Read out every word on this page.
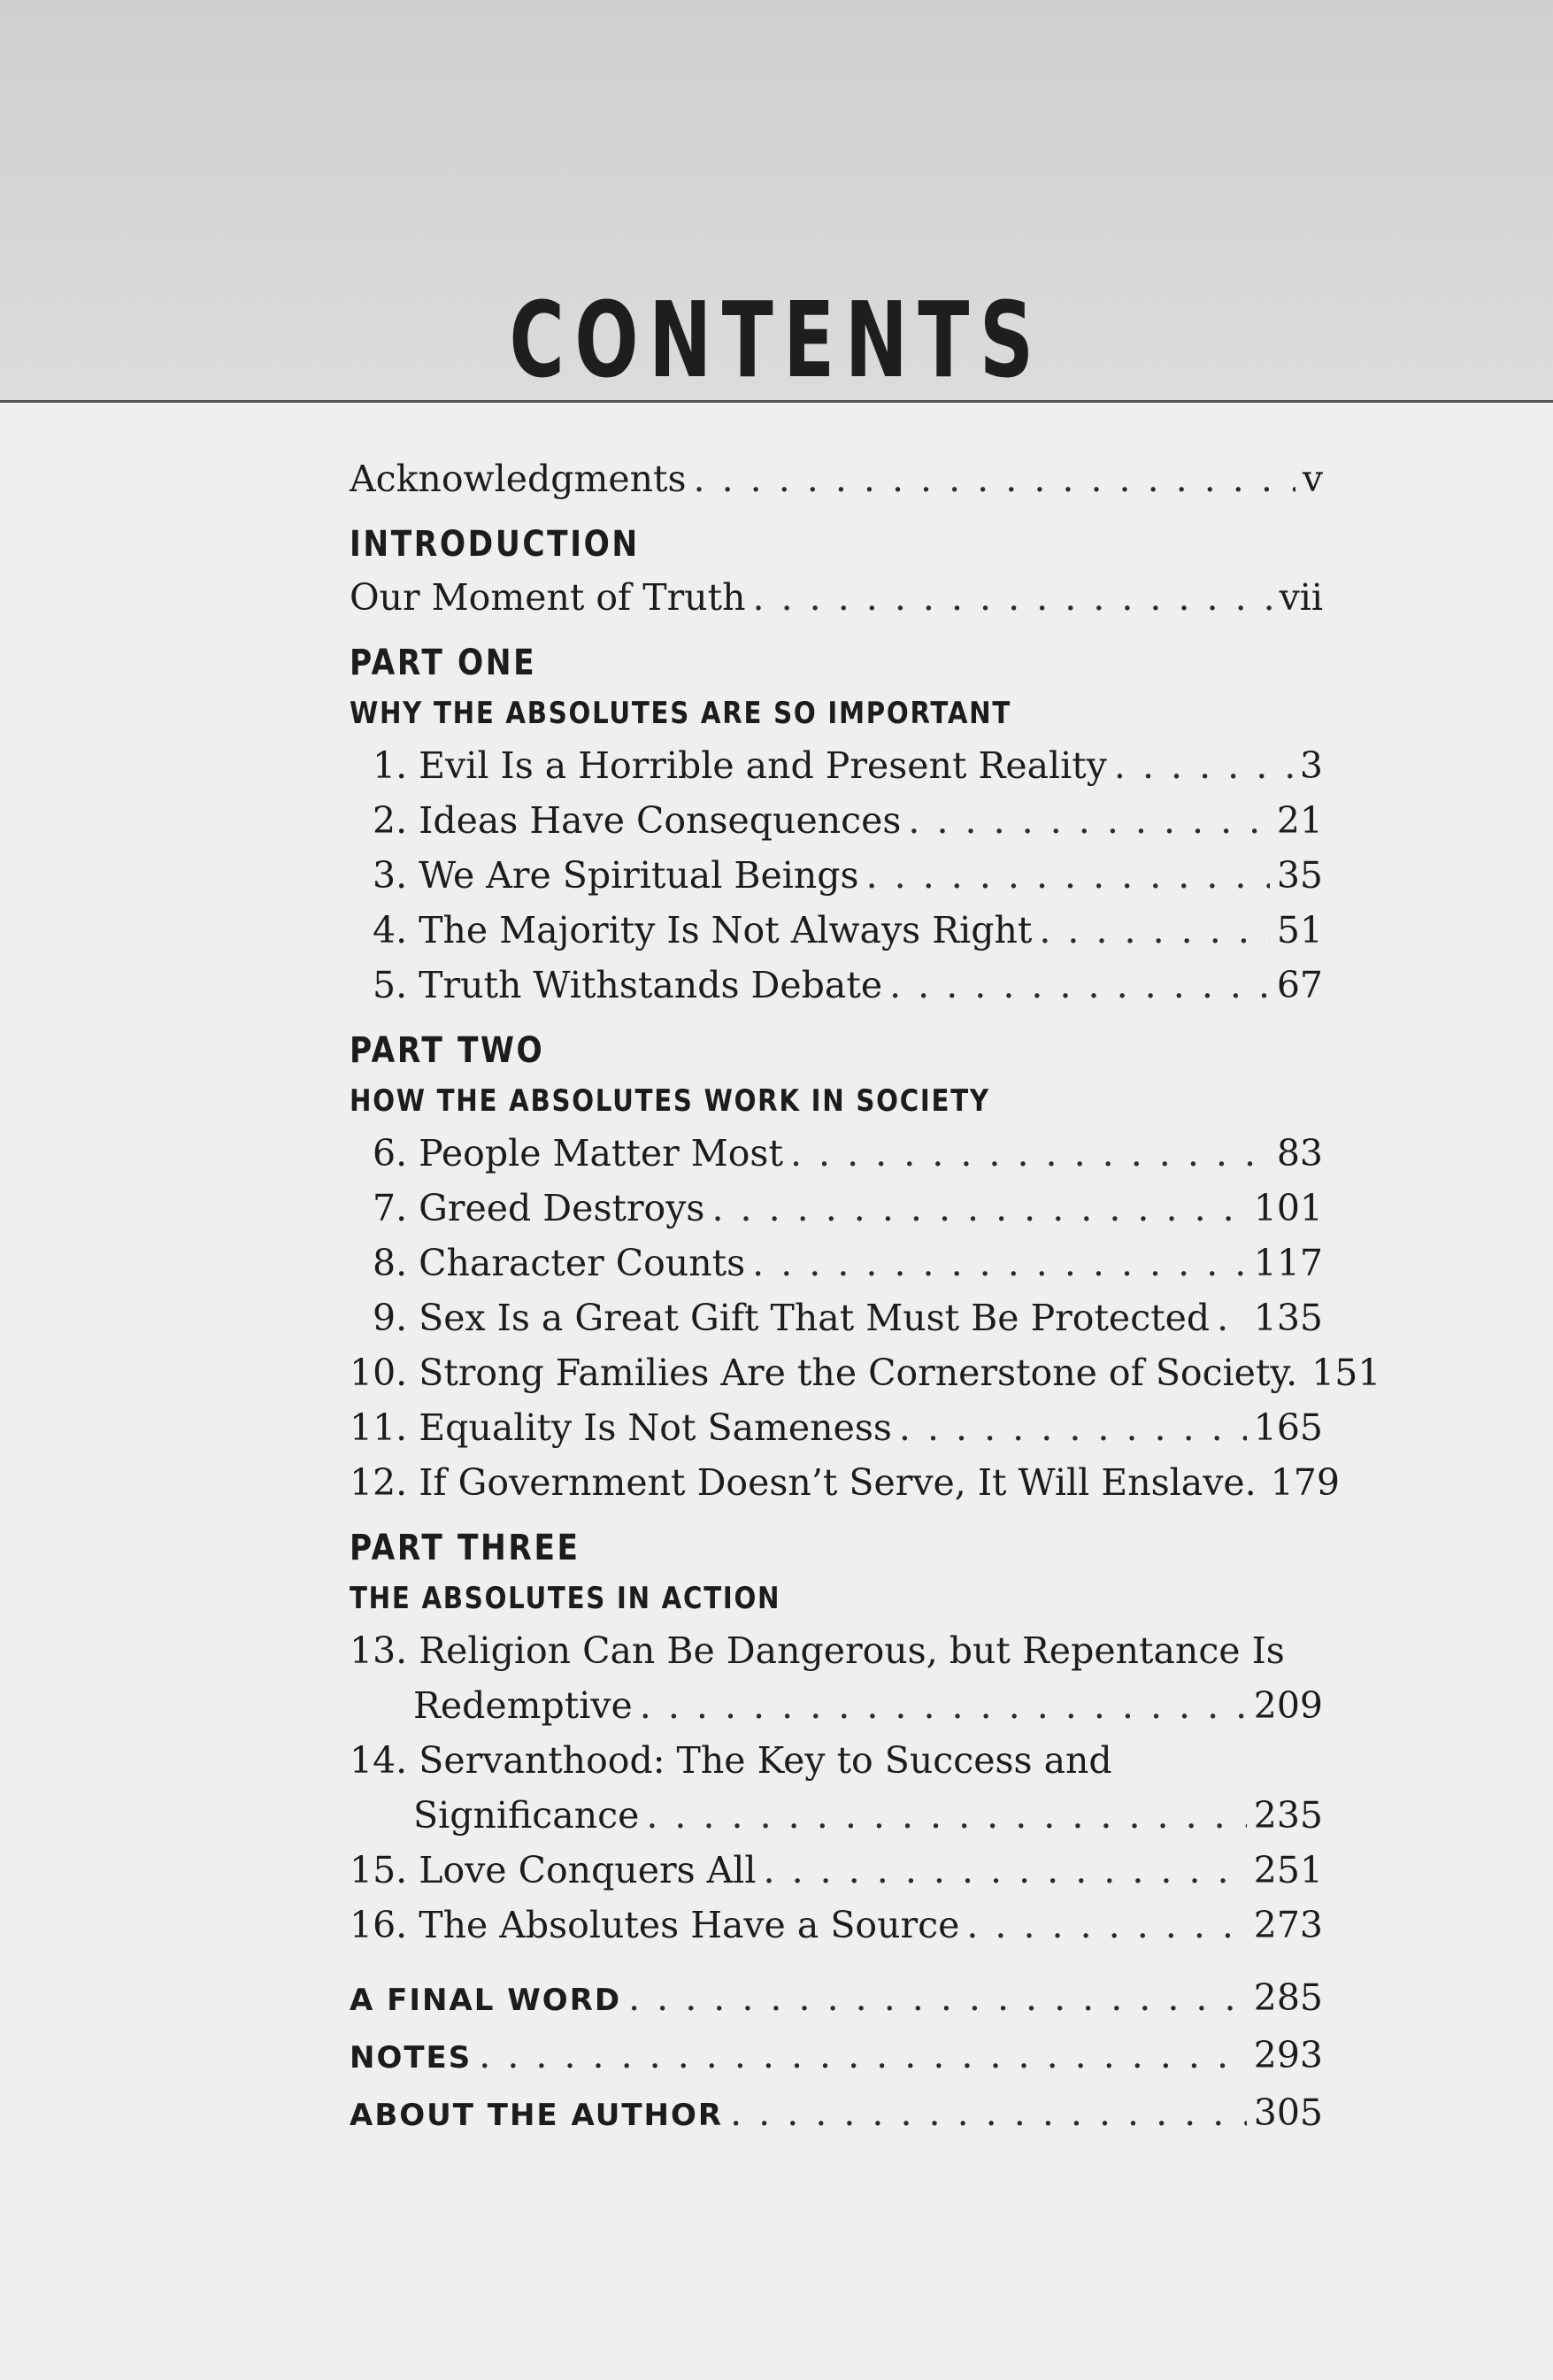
CONTENTS
Acknowledgments . . .	v
INTRODUCTION
Our Moment of Truth . . .	vii
PART ONE
WHY THE ABSOLUTES ARE SO IMPORTANT
1. Evil Is a Horrible and Present Reality . . .	3
2. Ideas Have Consequences . . .	21
3. We Are Spiritual Beings . . .	35
4. The Majority Is Not Always Right . . .	51
5. Truth Withstands Debate . . .	67
PART TWO
HOW THE ABSOLUTES WORK IN SOCIETY
6. People Matter Most . . .	83
7. Greed Destroys . . .	101
8. Character Counts . . .	117
9. Sex Is a Great Gift That Must Be Protected . . . 135
10. Strong Families Are the Cornerstone of Society. 151
11. Equality Is Not Sameness . . .	165
12. If Government Doesn’t Serve, It Will Enslave. 179
PART THREE
THE ABSOLUTES IN ACTION
13. Religion Can Be Dangerous, but Repentance Is
Redemptive . . .	209
14. Servanthood: The Key to Success and
Significance . . .	235
15. Love Conquers All . . .	251
16. The Absolutes Have a Source . . .	273
A FINAL WORD . . .	285
NOTES . . .	293
ABOUT THE AUTHOR . . .	305
